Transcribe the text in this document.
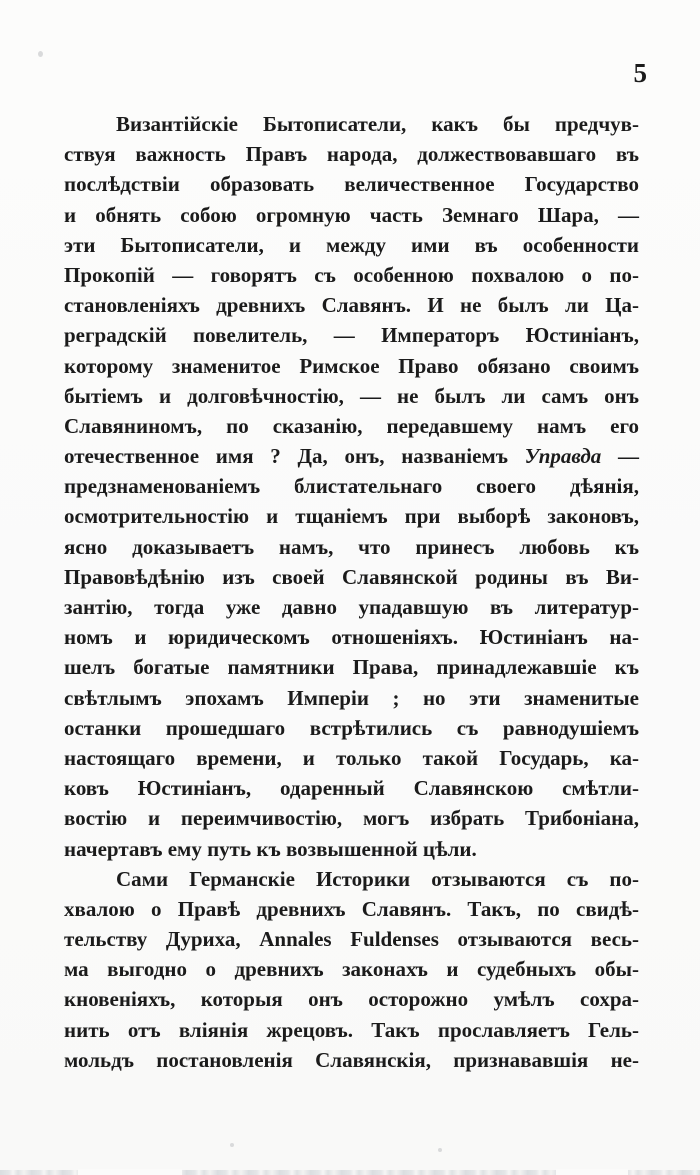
5
Византійскіе Бытописатели, какъ бы предчув-
ствуя важность Правъ народа, должествовавшаго въ
послѣдствіи образовать величественное Государство
и обнять собою огромную часть Земнаго Шара, —
эти Бытописатели, и между ими въ особенности
Прокопій — говорятъ съ особенною похвалою о по-
становленіяхъ древнихъ Славянъ. И не былъ ли Ца-
реградскій повелитель, — Императоръ Юстиніанъ,
которому знаменитое Римское Право обязано своимъ
бытіемъ и долговѣчностію, — не былъ ли самъ онъ
Славяниномъ, по сказанію, передавшему намъ его
отечественное имя ? Да, онъ, названіемъ Управда —
предзнаменованіемъ блистательнаго своего дѣянія,
осмотрительностію и тщаніемъ при выборѣ законовъ,
ясно доказываетъ намъ, что принесъ любовь къ
Правовѣдѣнію изъ своей Славянской родины въ Ви-
зантію, тогда уже давно упадавшую въ литератур-
номъ и юридическомъ отношеніяхъ. Юстиніанъ на-
шелъ богатые памятники Права, принадлежавшіе къ
свѣтлымъ эпохамъ Имперіи ; но эти знаменитые
останки прошедшаго встрѣтились съ равнодушіемъ
настоящаго времени, и только такой Государь, ка-
ковъ Юстиніанъ, одаренный Славянскою смѣтли-
востію и переимчивостію, могъ избрать Трибоніана,
начертавъ ему путь къ возвышенной цѣли.
Сами Германскіе Историки отзываются съ по-
хвалою о Правѣ древнихъ Славянъ. Такъ, по свидѣ-
тельству Дуриха, Annales Fuldenses отзываются весь-
ма выгодно о древнихъ законахъ и судебныхъ обы-
кновеніяхъ, которыя онъ осторожно умѣлъ сохра-
нить отъ вліянія жрецовъ. Такъ прославляетъ Гель-
мольдъ постановленія Славянскія, признававшія не-
